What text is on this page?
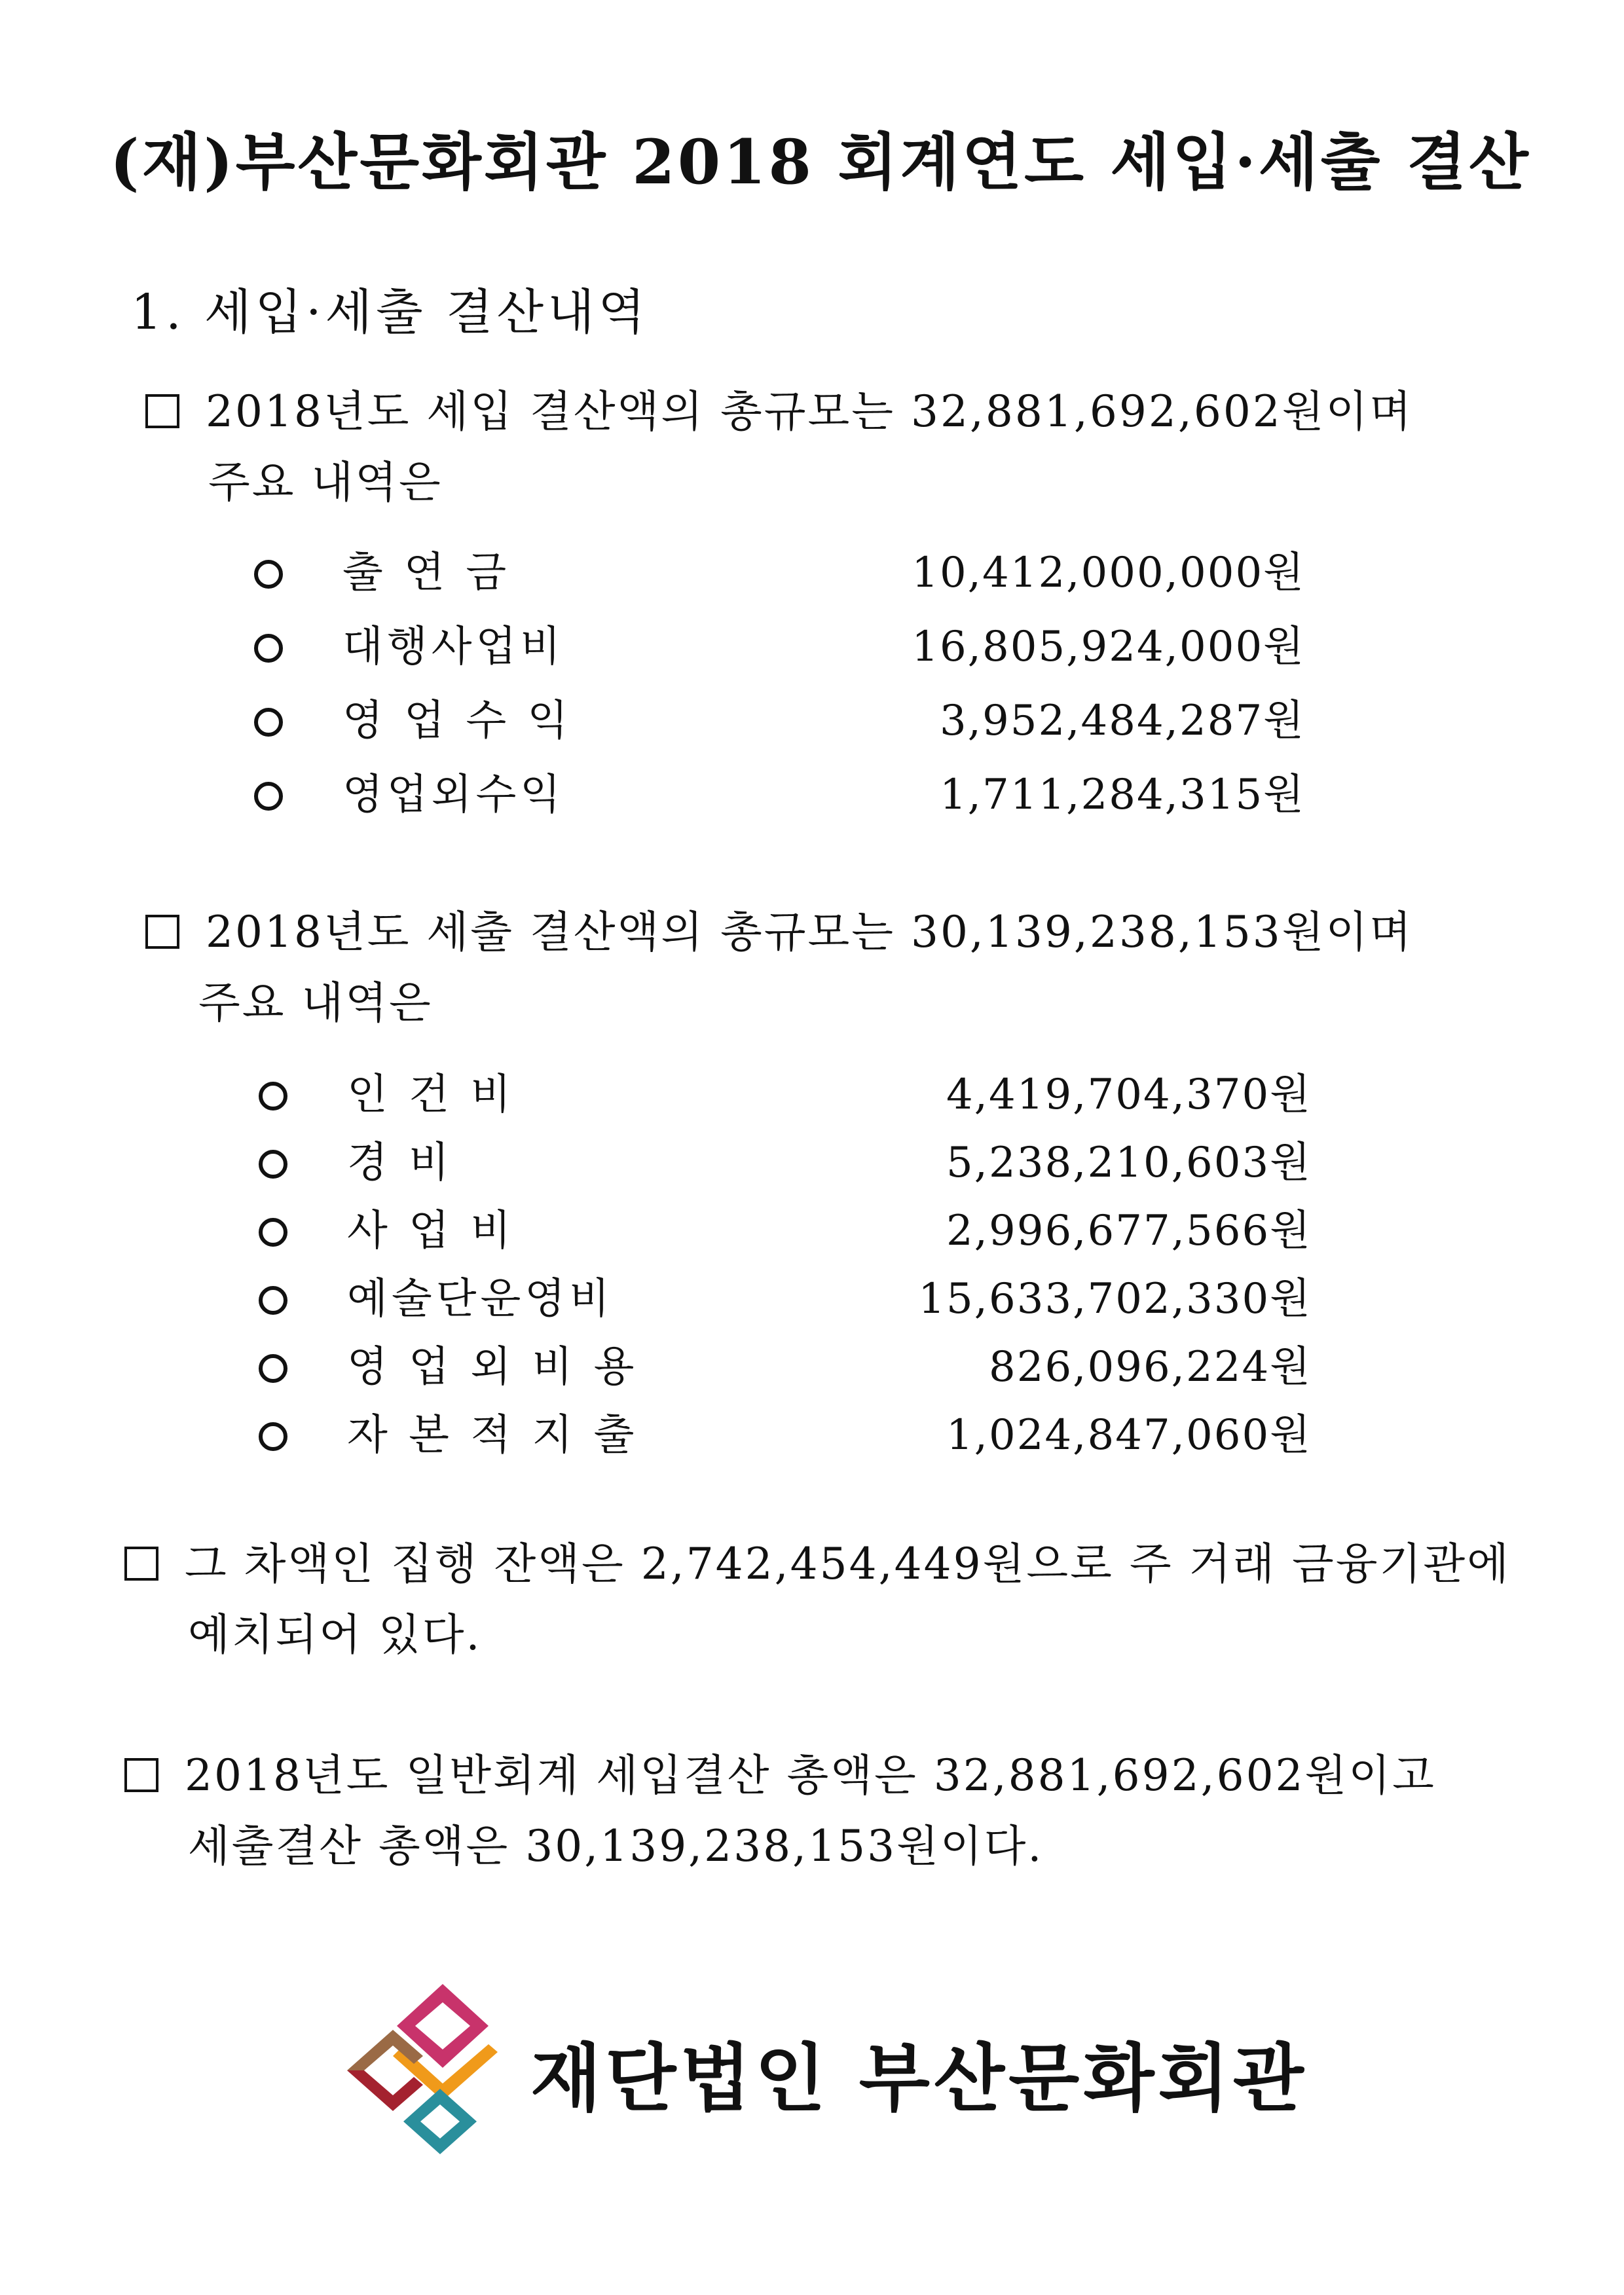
(재)부산문화회관 2018 회계연도 세입·세출 결산
1. 세입·세출 결산내역
2018년도 세입 결산액의 총규모는 32,881,692,602원이며
주요 내역은
출 연 금	10,412,000,000원
대행사업비	16,805,924,000원
영 업 수 익	3,952,484,287원
영업외수익	1,711,284,315원
2018년도 세출 결산액의 총규모는 30,139,238,153원이며
주요 내역은
인 건 비	4,419,704,370원
경 비	5,238,210,603원
사 업 비	2,996,677,566원
예술단운영비	15,633,702,330원
영 업 외 비 용	826,096,224원
자 본 적 지 출	1,024,847,060원
그 차액인 집행 잔액은 2,742,454,449원으로 주 거래 금융기관에
예치되어 있다.
2018년도 일반회계 세입결산 총액은 32,881,692,602원이고
세출결산 총액은 30,139,238,153원이다.
재단법인 부산문화회관
